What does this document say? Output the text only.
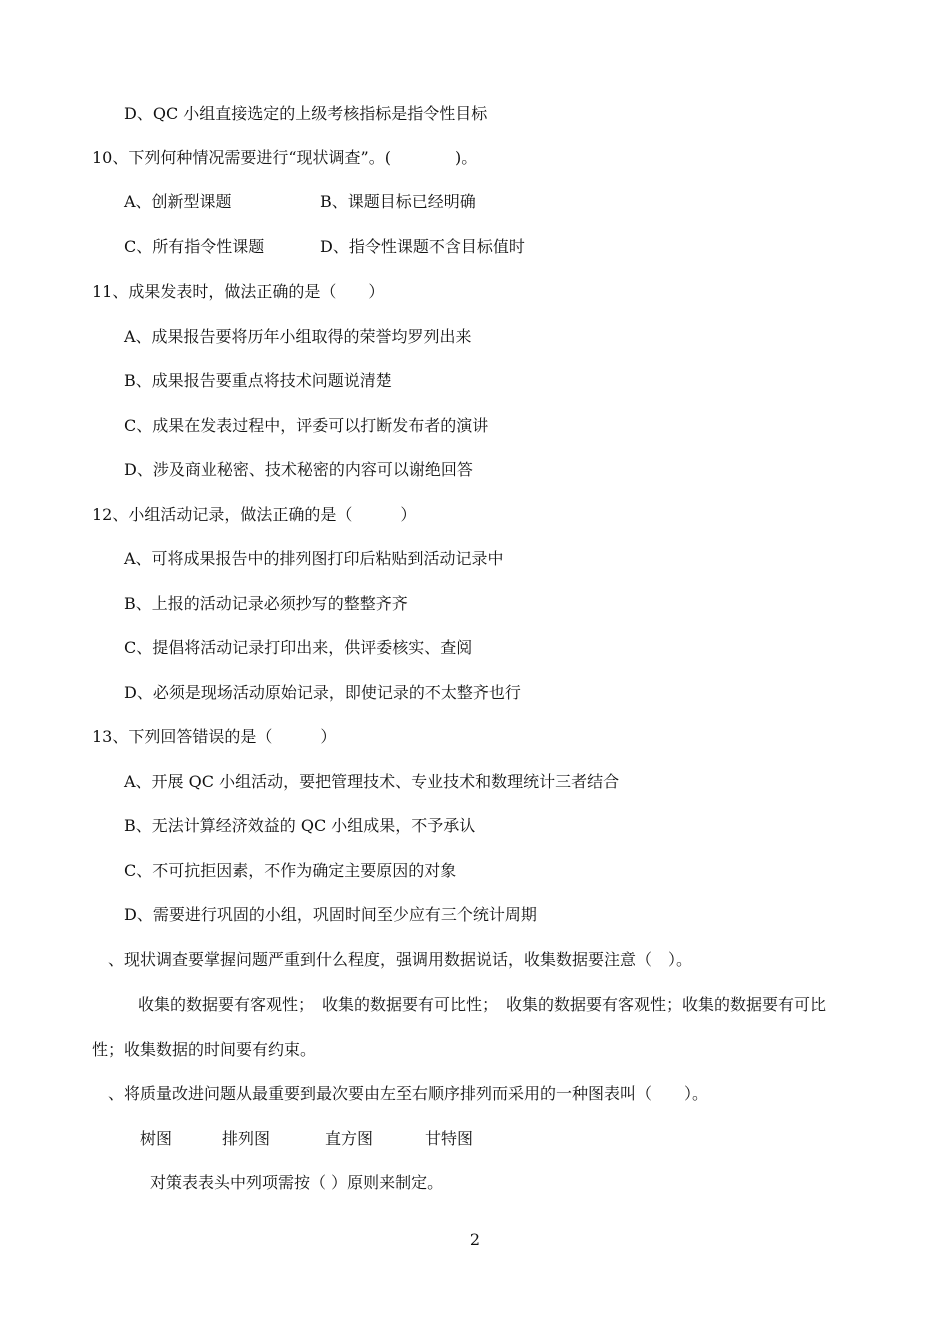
D、QC 小组直接选定的上级考核指标是指令性目标
10、下列何种情况需要进行“现状调查”。(　　　　)。
A、创新型课题	B、课题目标已经明确
C、所有指令性课题	D、指令性课题不含目标值时
11、成果发表时，做法正确的是（　　）
A、成果报告要将历年小组取得的荣誉均罗列出来
B、成果报告要重点将技术问题说清楚
C、成果在发表过程中，评委可以打断发布者的演讲
D、涉及商业秘密、技术秘密的内容可以谢绝回答
12、小组活动记录，做法正确的是（　　　）
A、可将成果报告中的排列图打印后粘贴到活动记录中
B、上报的活动记录必须抄写的整整齐齐
C、提倡将活动记录打印出来，供评委核实、查阅
D、必须是现场活动原始记录，即使记录的不太整齐也行
13、下列回答错误的是（　　　）
A、开展 QC 小组活动，要把管理技术、专业技术和数理统计三者结合
B、无法计算经济效益的 QC 小组成果，不予承认
C、不可抗拒因素，不作为确定主要原因的对象
D、需要进行巩固的小组，巩固时间至少应有三个统计周期
、现状调查要掌握问题严重到什么程度，强调用数据说话，收集数据要注意（　）。
收集的数据要有客观性；　收集的数据要有可比性；　收集的数据要有客观性；收集的数据要有可比
性；收集数据的时间要有约束。
、将质量改进问题从最重要到最次要由左至右顺序排列而采用的一种图表叫（　　）。
树图	排列图	直方图	甘特图
对策表表头中列项需按（ ）原则来制定。
2
